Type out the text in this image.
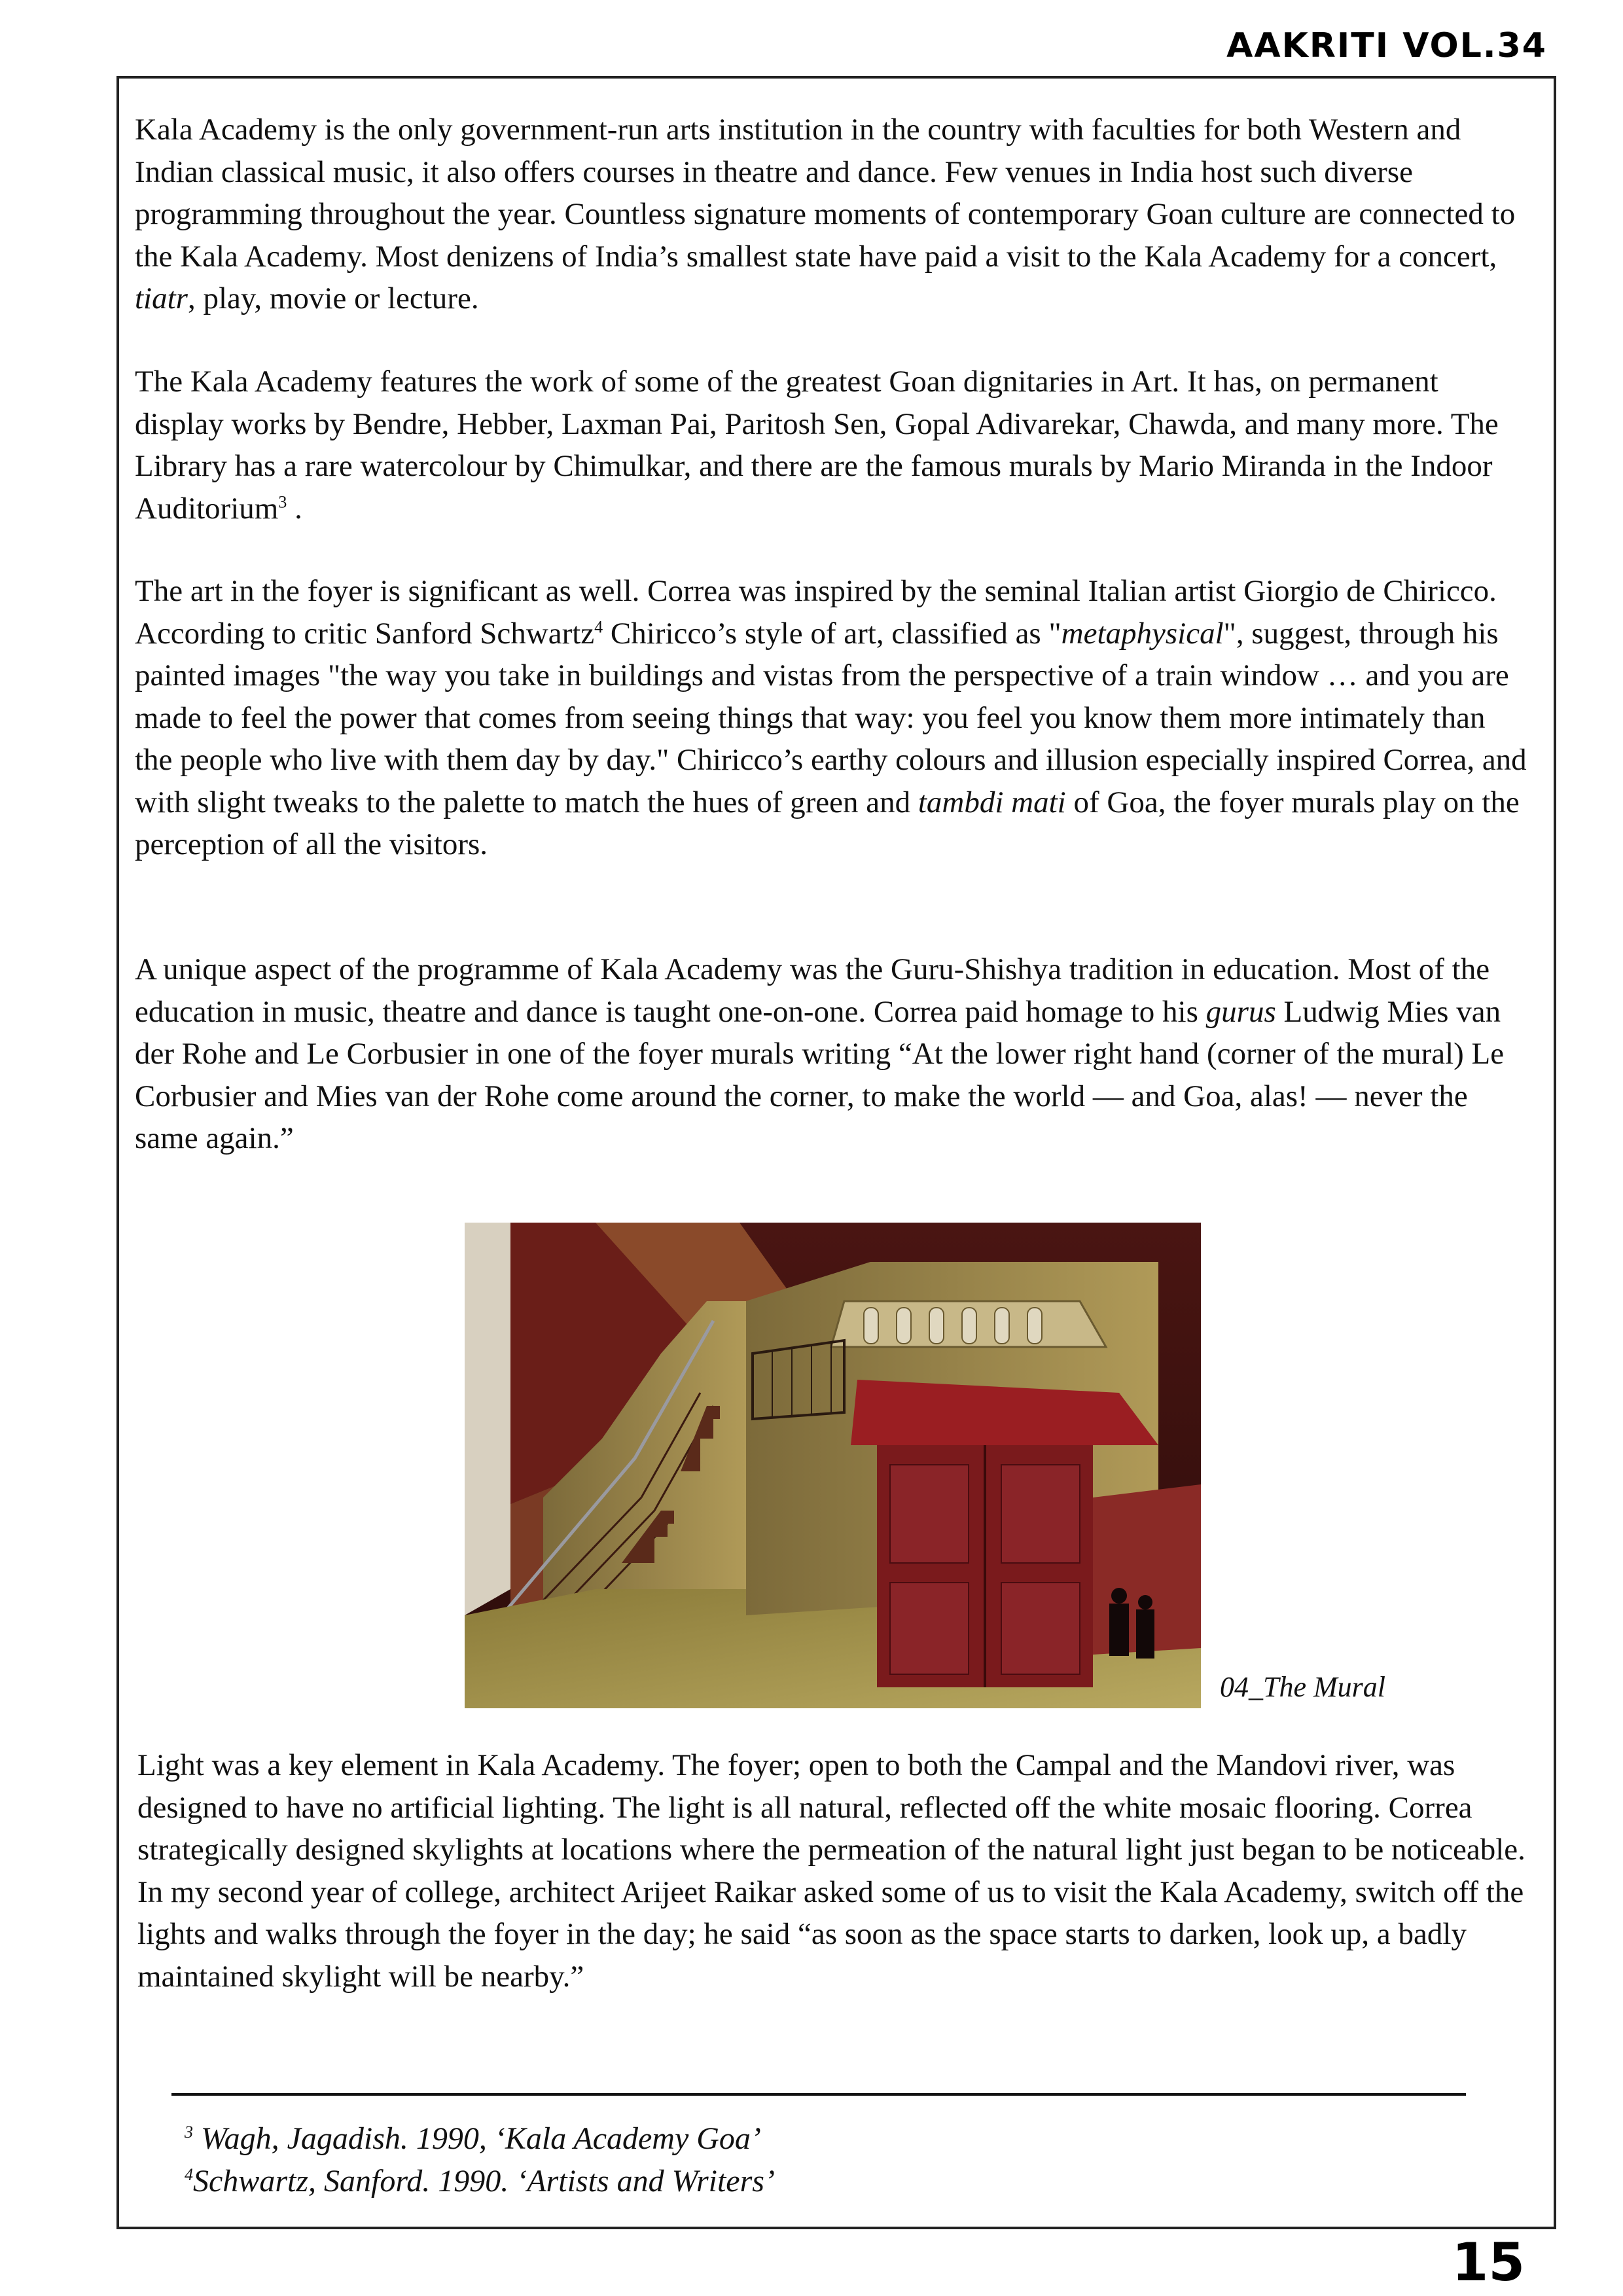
AAKRITI VOL.34

Kala Academy is the only government-run arts institution in the country with faculties for both Western and Indian classical music, it also offers courses in theatre and dance. Few venues in India host such diverse programming throughout the year. Countless signature moments of contemporary Goan culture are connected to the Kala Academy. Most denizens of India’s smallest state have paid a visit to the Kala Academy for a concert, tiatr, play, movie or lecture.

The Kala Academy features the work of some of the greatest Goan dignitaries in Art. It has, on permanent display works by Bendre, Hebber, Laxman Pai, Paritosh Sen, Gopal Adivarekar, Chawda, and many more. The Library has a rare watercolour by Chimulkar, and there are the famous murals by Mario Miranda in the Indoor Auditorium$^3$ .

The art in the foyer is significant as well. Correa was inspired by the seminal Italian artist Giorgio de Chiricco. According to critic Sanford Schwartz$^4$ Chiricco’s style of art, classified as "metaphysical", suggest, through his painted images "the way you take in buildings and vistas from the perspective of a train window … and you are made to feel the power that comes from seeing things that way: you feel you know them more intimately than the people who live with them day by day." Chiricco’s earthy colours and illusion especially inspired Correa, and with slight tweaks to the palette to match the hues of green and tambdi mati of Goa, the foyer murals play on the perception of all the visitors.

A unique aspect of the programme of Kala Academy was the Guru-Shishya tradition in education. Most of the education in music, theatre and dance is taught one-on-one. Correa paid homage to his gurus Ludwig Mies van der Rohe and Le Corbusier in one of the foyer murals writing “At the lower right hand (corner of the mural) Le Corbusier and Mies van der Rohe come around the corner, to make the world — and Goa, alas! — never the same again.”

04_The Mural

Light was a key element in Kala Academy. The foyer; open to both the Campal and the Mandovi river, was designed to have no artificial lighting. The light is all natural, reflected off the white mosaic flooring. Correa strategically designed skylights at locations where the permeation of the natural light just began to be noticeable. In my second year of college, architect Arijeet Raikar asked some of us to visit the Kala Academy, switch off the lights and walks through the foyer in the day; he said “as soon as the space starts to darken, look up, a badly maintained skylight will be nearby.”

$^3$ Wagh, Jagadish. 1990, ‘Kala Academy Goa’
$^4$Schwartz, Sanford. 1990. ‘Artists and Writers’
15
